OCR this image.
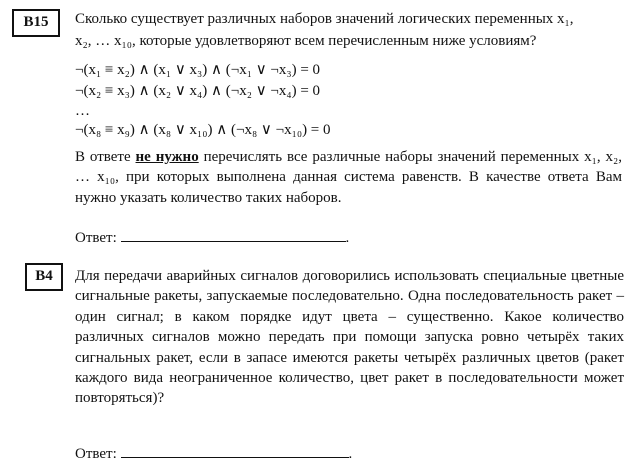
B15	Сколько существует различных наборов значений логических переменных x₁,
x₂, … x₁₀, которые удовлетворяют всем перечисленным ниже условиям?
¬(x₁ ≡ x₂) ∧ (x₁ ∨ x₃) ∧ (¬x₁ ∨ ¬x₃) = 0
¬(x₂ ≡ x₃) ∧ (x₂ ∨ x₄) ∧ (¬x₂ ∨ ¬x₄) = 0
…
¬(x₈ ≡ x₉) ∧ (x₈ ∨ x₁₀) ∧ (¬x₈ ∨ ¬x₁₀) = 0
В ответе не нужно перечислять все различные наборы значений переменных x₁, x₂, … x₁₀, при которых выполнена данная система равенств. В качестве ответа Вам нужно указать количество таких наборов.
Ответ:	.
B4	Для передачи аварийных сигналов договорились использовать специальные цветные сигнальные ракеты, запускаемые последовательно. Одна последовательность ракет – один сигнал; в каком порядке идут цвета – существенно. Какое количество различных сигналов можно передать при помощи запуска ровно четырёх таких сигнальных ракет, если в запасе имеются ракеты четырёх различных цветов (ракет каждого вида неограниченное количество, цвет ракет в последовательности может повторяться)?
Ответ:	.
